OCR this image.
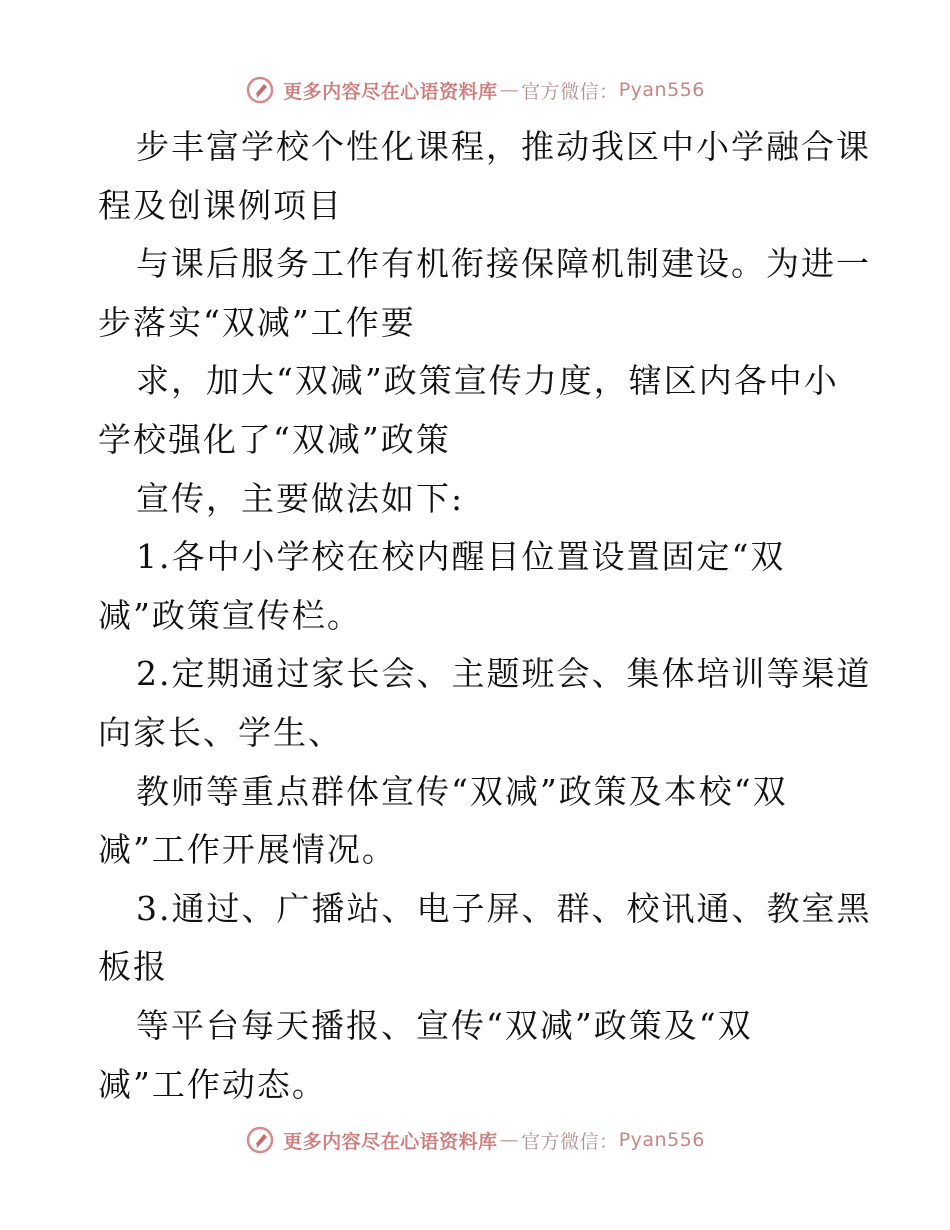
更多内容尽在心语资料库 — 官方微信： Pyan556
步丰富学校个性化课程，推动我区中小学融合课
程及创课例项目
与课后服务工作有机衔接保障机制建设。为进一
步落实“双减”工作要
求，加大“双减”政策宣传力度，辖区内各中小
学校强化了“双减”政策
宣传，主要做法如下:
1.各中小学校在校内醒目位置设置固定“双
减”政策宣传栏。
2.定期通过家长会、主题班会、集体培训等渠道
向家长、学生、
教师等重点群体宣传“双减”政策及本校“双
减”工作开展情况。
3.通过、广播站、电子屏、群、校讯通、教室黑
板报
等平台每天播报、宣传“双减”政策及“双
减”工作动态。
更多内容尽在心语资料库 — 官方微信： Pyan556
